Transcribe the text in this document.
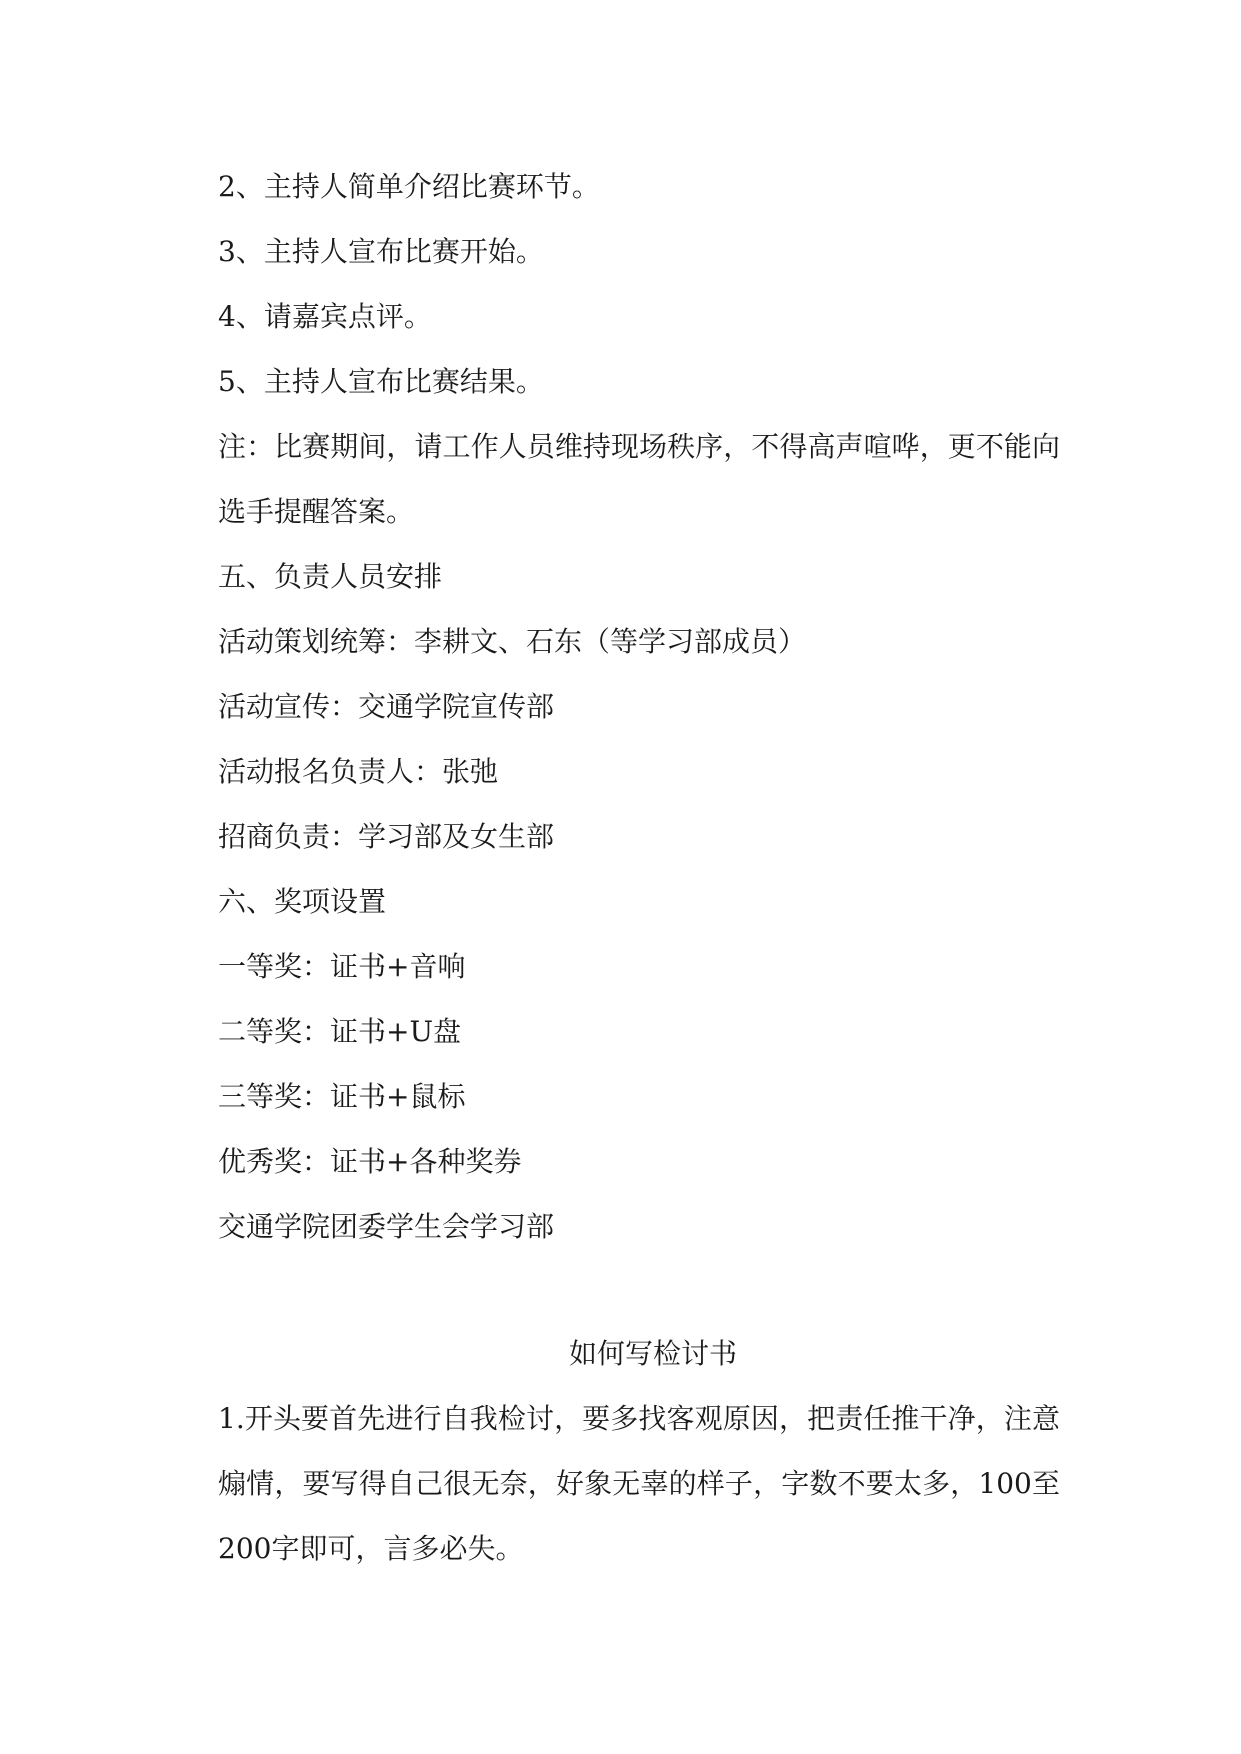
2、主持人简单介绍比赛环节。

3、主持人宣布比赛开始。

4、请嘉宾点评。

5、主持人宣布比赛结果。

注：比赛期间，请工作人员维持现场秩序，不得高声喧哗，更不能向选手提醒答案。

五、负责人员安排

活动策划统筹：李耕文、石东（等学习部成员）

活动宣传：交通学院宣传部

活动报名负责人：张弛

招商负责：学习部及女生部

六、奖项设置

一等奖：证书+音响

二等奖：证书+U盘

三等奖：证书+鼠标

优秀奖：证书+各种奖券

交通学院团委学生会学习部

如何写检讨书

1.开头要首先进行自我检讨，要多找客观原因，把责任推干净，注意煽情，要写得自己很无奈，好象无辜的样子，字数不要太多，100至200字即可，言多必失。
